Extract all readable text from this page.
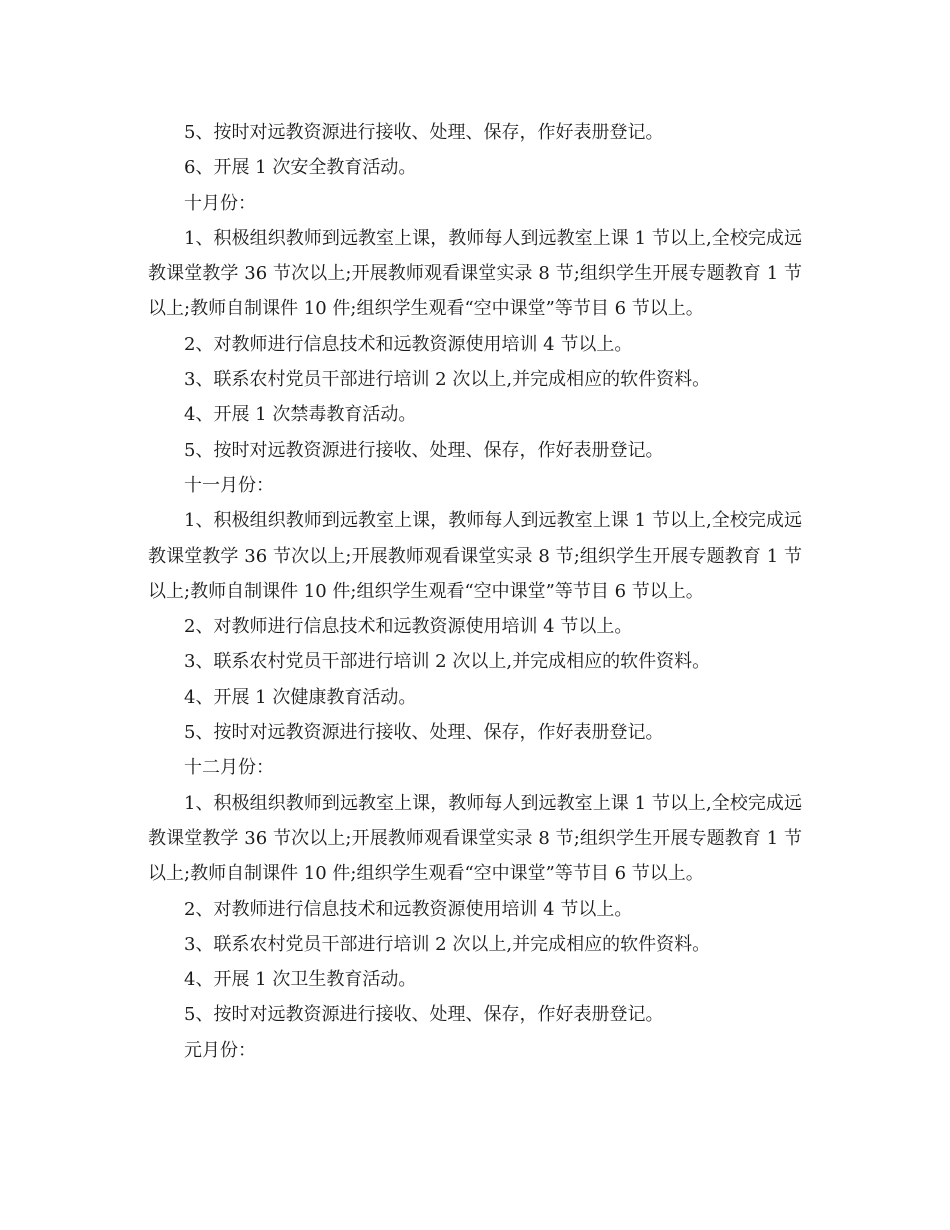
5、按时对远教资源进行接收、处理、保存，作好表册登记。

6、开展 1 次安全教育活动。

十月份：

1、积极组织教师到远教室上课，教师每人到远教室上课 1 节以上,全校完成远教课堂教学 36 节次以上;开展教师观看课堂实录 8 节;组织学生开展专题教育 1 节以上;教师自制课件 10 件;组织学生观看“空中课堂”等节目 6 节以上。

2、对教师进行信息技术和远教资源使用培训 4 节以上。

3、联系农村党员干部进行培训 2 次以上,并完成相应的软件资料。

4、开展 1 次禁毒教育活动。

5、按时对远教资源进行接收、处理、保存，作好表册登记。

十一月份：

1、积极组织教师到远教室上课，教师每人到远教室上课 1 节以上,全校完成远教课堂教学 36 节次以上;开展教师观看课堂实录 8 节;组织学生开展专题教育 1 节以上;教师自制课件 10 件;组织学生观看“空中课堂”等节目 6 节以上。

2、对教师进行信息技术和远教资源使用培训 4 节以上。

3、联系农村党员干部进行培训 2 次以上,并完成相应的软件资料。

4、开展 1 次健康教育活动。

5、按时对远教资源进行接收、处理、保存，作好表册登记。

十二月份：

1、积极组织教师到远教室上课，教师每人到远教室上课 1 节以上,全校完成远教课堂教学 36 节次以上;开展教师观看课堂实录 8 节;组织学生开展专题教育 1 节以上;教师自制课件 10 件;组织学生观看“空中课堂”等节目 6 节以上。

2、对教师进行信息技术和远教资源使用培训 4 节以上。

3、联系农村党员干部进行培训 2 次以上,并完成相应的软件资料。

4、开展 1 次卫生教育活动。

5、按时对远教资源进行接收、处理、保存，作好表册登记。

元月份：
